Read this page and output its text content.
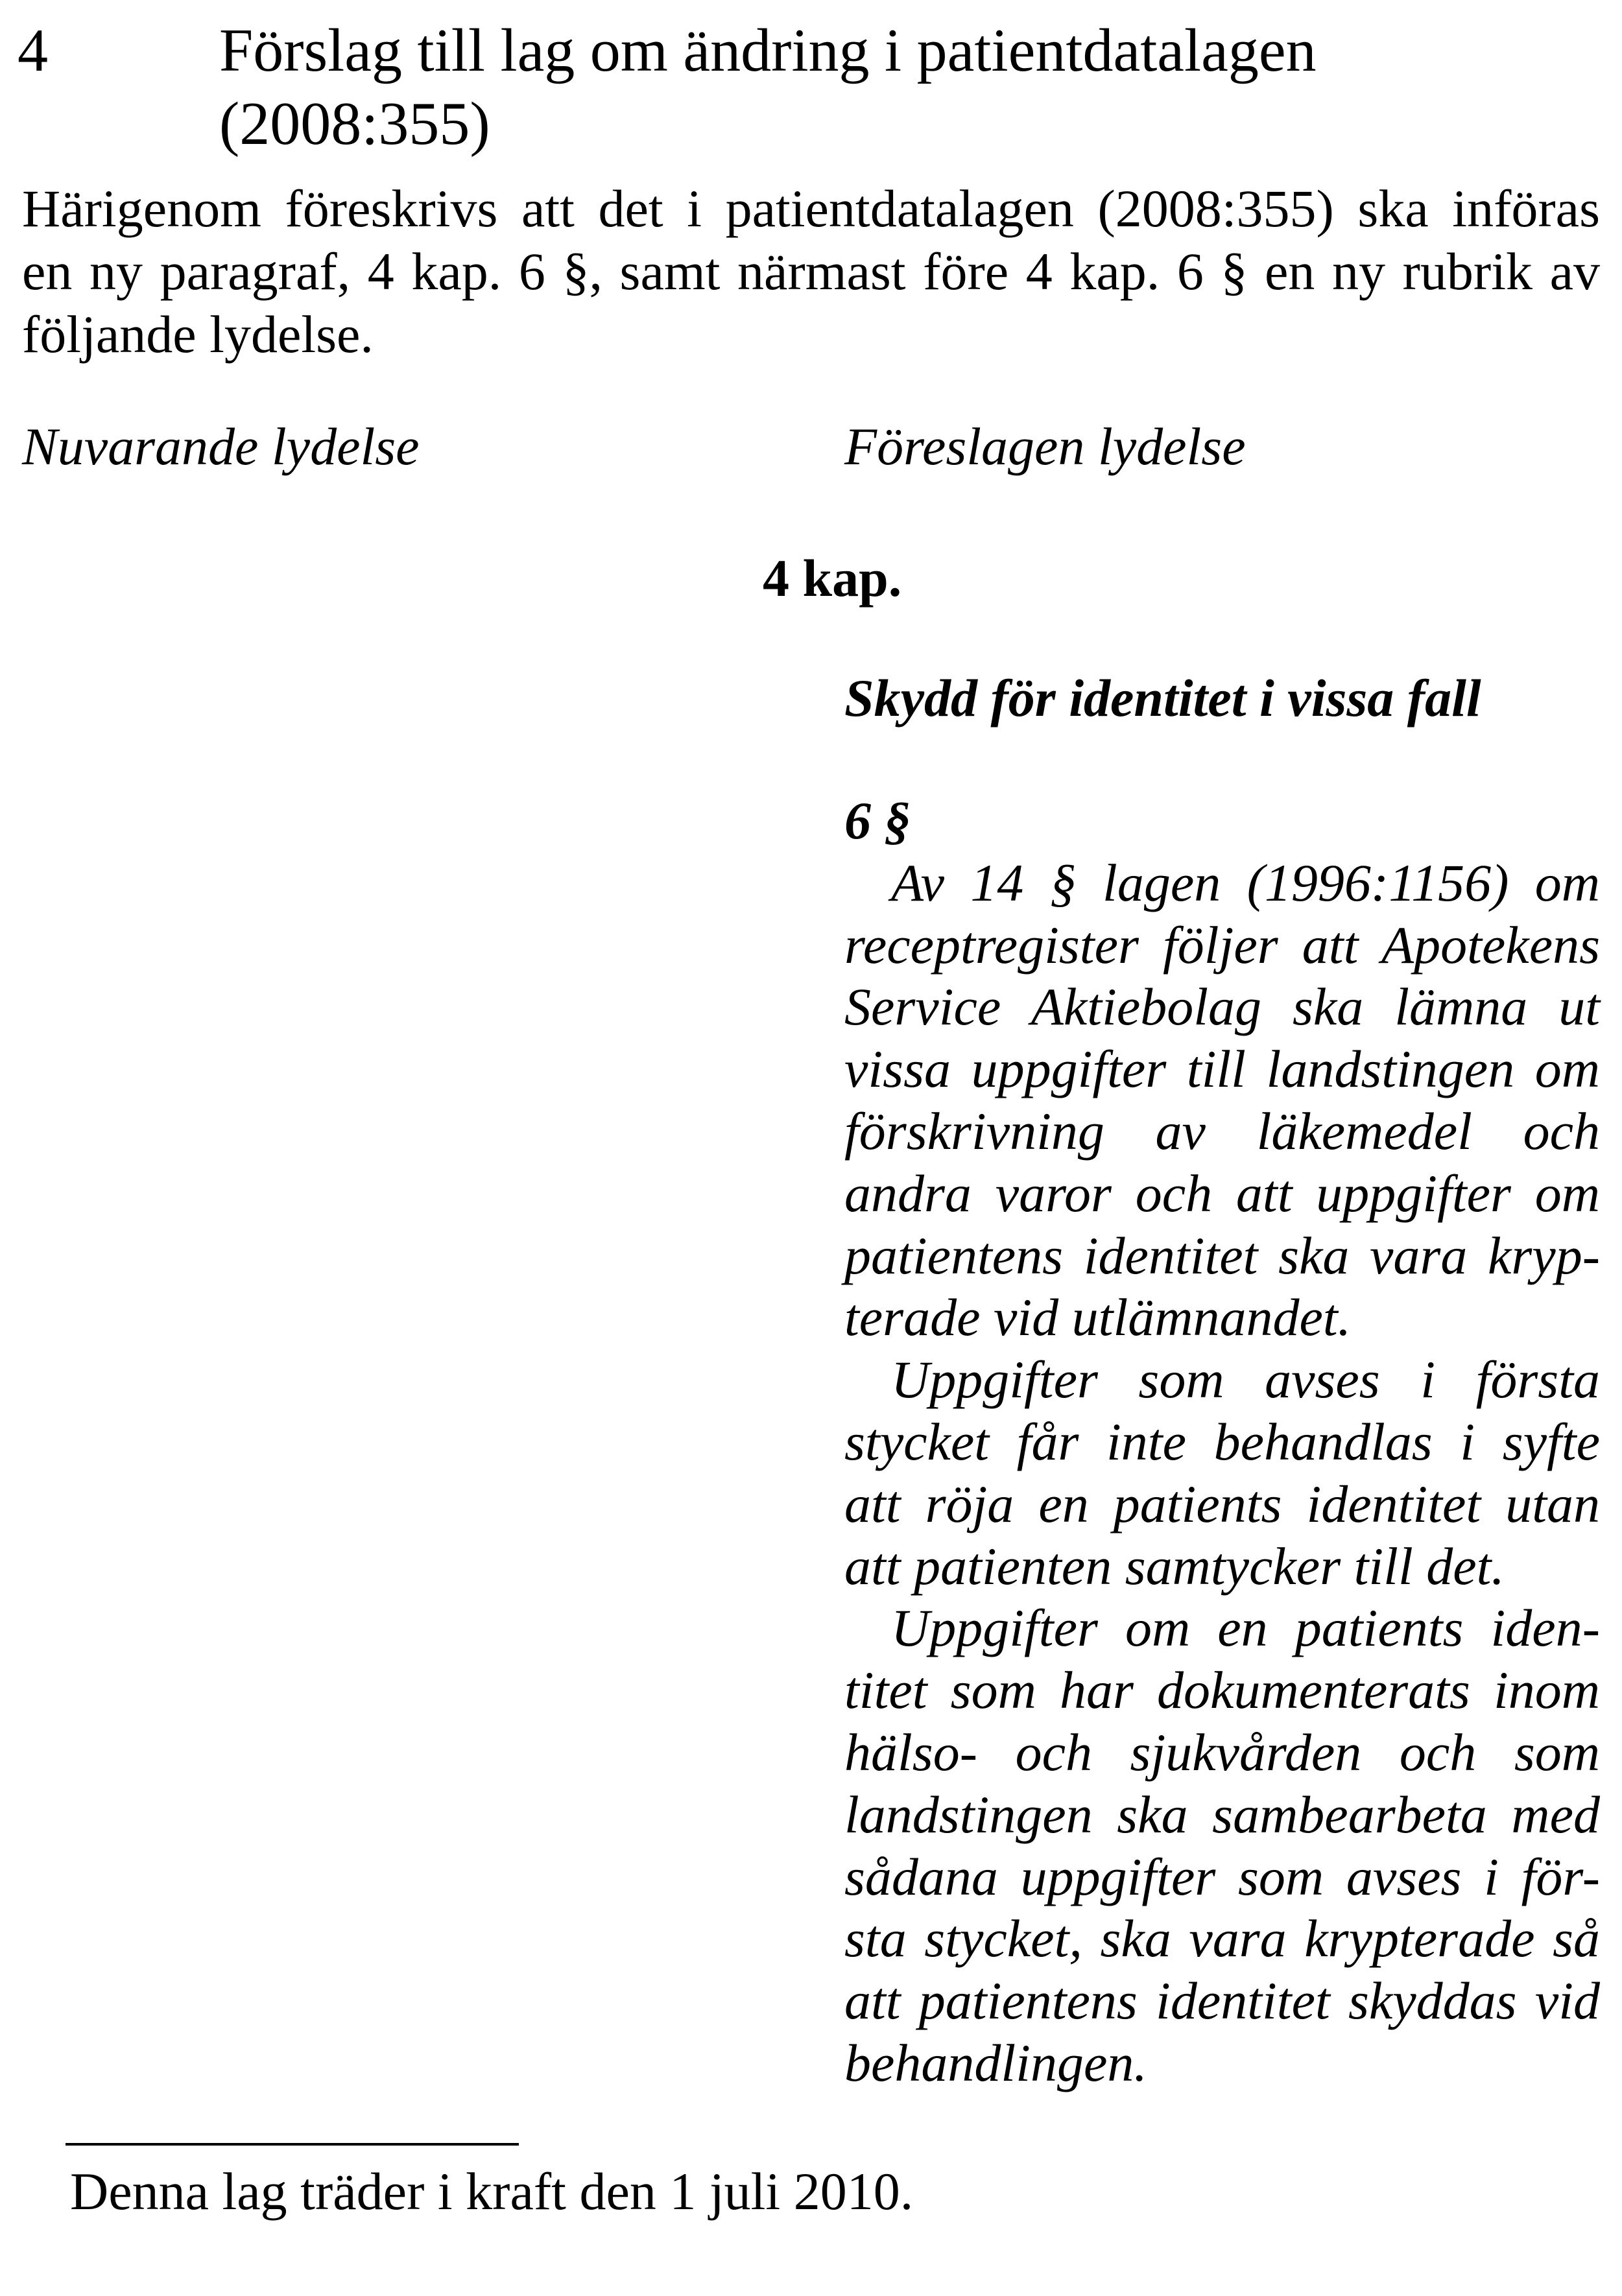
4	Förslag till lag om ändring i patientdatalagen
(2008:355)
Härigenom föreskrivs att det i patientdatalagen (2008:355) ska införas
en ny paragraf, 4 kap. 6 §, samt närmast före 4 kap. 6 § en ny rubrik av
följande lydelse.
Nuvarande lydelse	Föreslagen lydelse
4 kap.
Skydd för identitet i vissa fall
6 §
Av 14 § lagen (1996:1156) om
receptregister följer att Apotekens
Service Aktiebolag ska lämna ut
vissa uppgifter till landstingen om
förskrivning av läkemedel och
andra varor och att uppgifter om
patientens identitet ska vara kryp-
terade vid utlämnandet.
Uppgifter som avses i första
stycket får inte behandlas i syfte
att röja en patients identitet utan
att patienten samtycker till det.
Uppgifter om en patients iden-
titet som har dokumenterats inom
hälso- och sjukvården och som
landstingen ska sambearbeta med
sådana uppgifter som avses i för-
sta stycket, ska vara krypterade så
att patientens identitet skyddas vid
behandlingen.
Denna lag träder i kraft den 1 juli 2010.
